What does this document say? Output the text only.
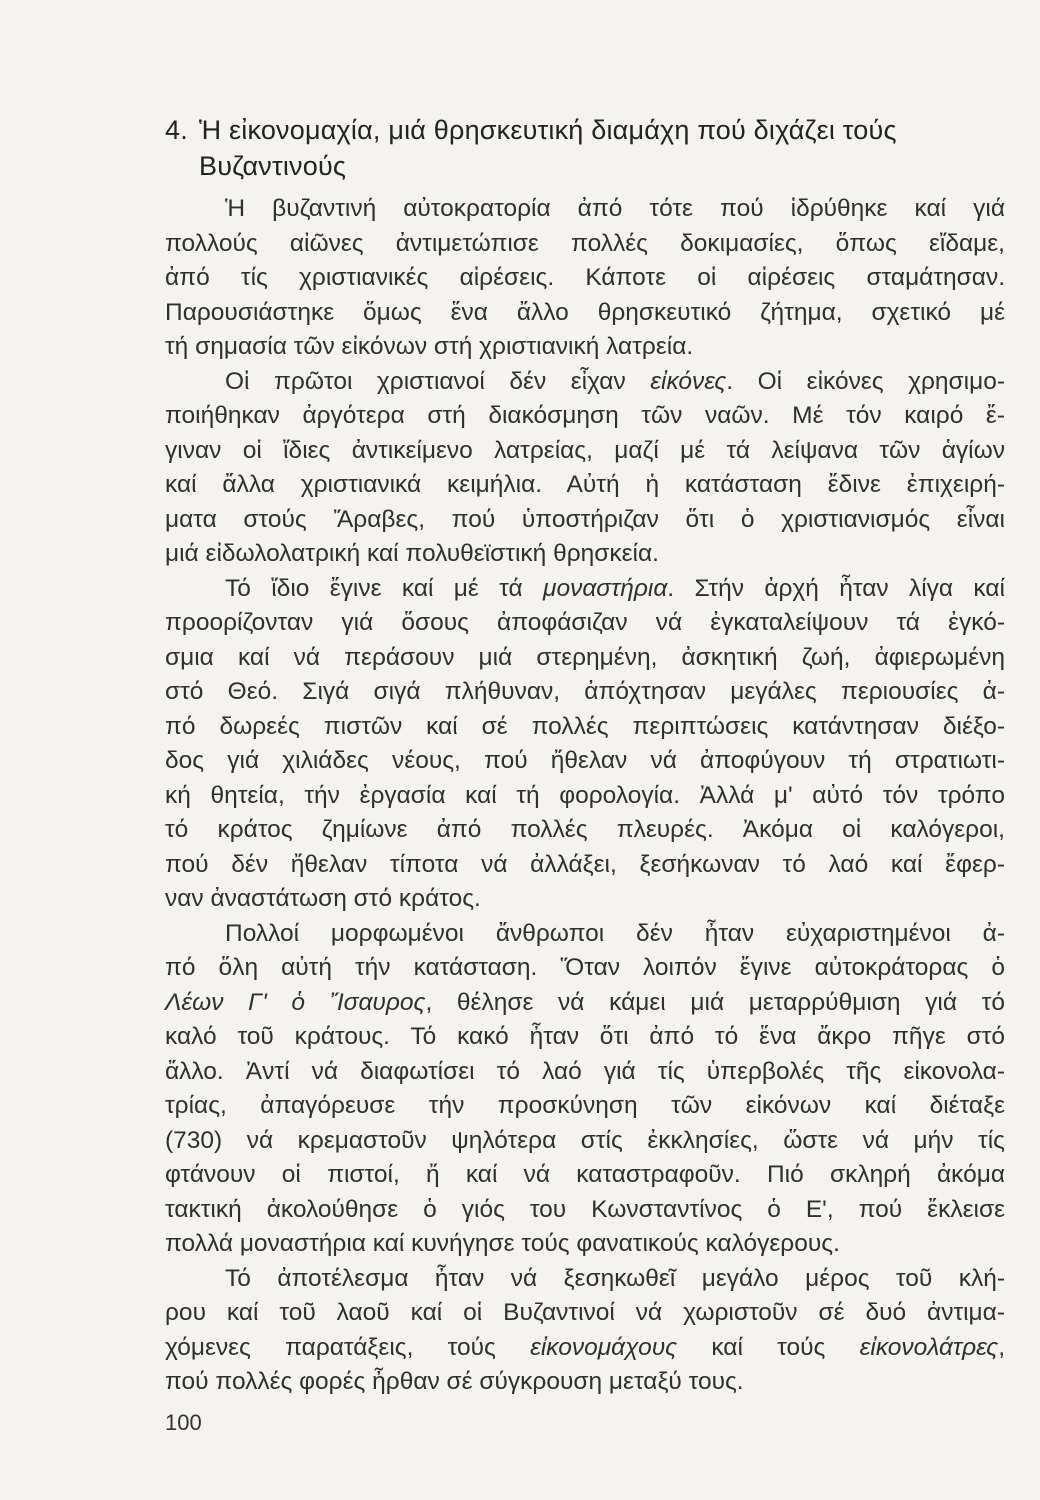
4. Ἡ εἰκονομαχία, μιά θρησκευτική διαμάχη πού διχάζει τούς
Βυζαντινούς
Ἡ βυζαντινή αὐτοκρατορία ἀπό τότε πού ἱδρύθηκε καί γιά
πολλούς αἰῶνες ἀντιμετώπισε πολλές δοκιμασίες, ὅπως εἴδαμε,
ἀπό τίς χριστιανικές αἱρέσεις. Κάποτε οἱ αἱρέσεις σταμάτησαν.
Παρουσιάστηκε ὅμως ἕνα ἄλλο θρησκευτικό ζήτημα, σχετικό μέ
τή σημασία τῶν εἰκόνων στή χριστιανική λατρεία.
Οἱ πρῶτοι χριστιανοί δέν εἶχαν εἰκόνες. Οἱ εἰκόνες χρησιμο-
ποιήθηκαν ἀργότερα στή διακόσμηση τῶν ναῶν. Μέ τόν καιρό ἔ-
γιναν οἱ ἴδιες ἀντικείμενο λατρείας, μαζί μέ τά λείψανα τῶν ἁγίων
καί ἄλλα χριστιανικά κειμήλια. Αὐτή ἡ κατάσταση ἔδινε ἐπιχειρή-
ματα στούς Ἄραβες, πού ὑποστήριζαν ὅτι ὁ χριστιανισμός εἶναι
μιά εἰδωλολατρική καί πολυθεϊστική θρησκεία.
Τό ἴδιο ἔγινε καί μέ τά μοναστήρια. Στήν ἀρχή ἦταν λίγα καί
προορίζονταν γιά ὅσους ἀποφάσιζαν νά ἐγκαταλείψουν τά ἐγκό-
σμια καί νά περάσουν μιά στερημένη, ἀσκητική ζωή, ἀφιερωμένη
στό Θεό. Σιγά σιγά πλήθυναν, ἀπόχτησαν μεγάλες περιουσίες ἀ-
πό δωρεές πιστῶν καί σέ πολλές περιπτώσεις κατάντησαν διέξο-
δος γιά χιλιάδες νέους, πού ἤθελαν νά ἀποφύγουν τή στρατιωτι-
κή θητεία, τήν ἐργασία καί τή φορολογία. Ἀλλά μ' αὐτό τόν τρόπο
τό κράτος ζημίωνε ἀπό πολλές πλευρές. Ἀκόμα οἱ καλόγεροι,
πού δέν ἤθελαν τίποτα νά ἀλλάξει, ξεσήκωναν τό λαό καί ἔφερ-
ναν ἀναστάτωση στό κράτος.
Πολλοί μορφωμένοι ἄνθρωποι δέν ἦταν εὐχαριστημένοι ἀ-
πό ὅλη αὐτή τήν κατάσταση. Ὅταν λοιπόν ἔγινε αὐτοκράτορας ὁ
Λέων Γ' ὁ Ἴσαυρος, θέλησε νά κάμει μιά μεταρρύθμιση γιά τό
καλό τοῦ κράτους. Τό κακό ἦταν ὅτι ἀπό τό ἕνα ἄκρο πῆγε στό
ἄλλο. Ἀντί νά διαφωτίσει τό λαό γιά τίς ὑπερβολές τῆς εἰκονολα-
τρίας, ἀπαγόρευσε τήν προσκύνηση τῶν εἰκόνων καί διέταξε
(730) νά κρεμαστοῦν ψηλότερα στίς ἐκκλησίες, ὥστε νά μήν τίς
φτάνουν οἱ πιστοί, ἤ καί νά καταστραφοῦν. Πιό σκληρή ἀκόμα
τακτική ἀκολούθησε ὁ γιός του Κωνσταντίνος ὁ Ε', πού ἔκλεισε
πολλά μοναστήρια καί κυνήγησε τούς φανατικούς καλόγερους.
Τό ἀποτέλεσμα ἦταν νά ξεσηκωθεῖ μεγάλο μέρος τοῦ κλή-
ρου καί τοῦ λαοῦ καί οἱ Βυζαντινοί νά χωριστοῦν σέ δυό ἀντιμα-
χόμενες παρατάξεις, τούς εἰκονομάχους καί τούς εἰκονολάτρες,
πού πολλές φορές ἦρθαν σέ σύγκρουση μεταξύ τους.
100
